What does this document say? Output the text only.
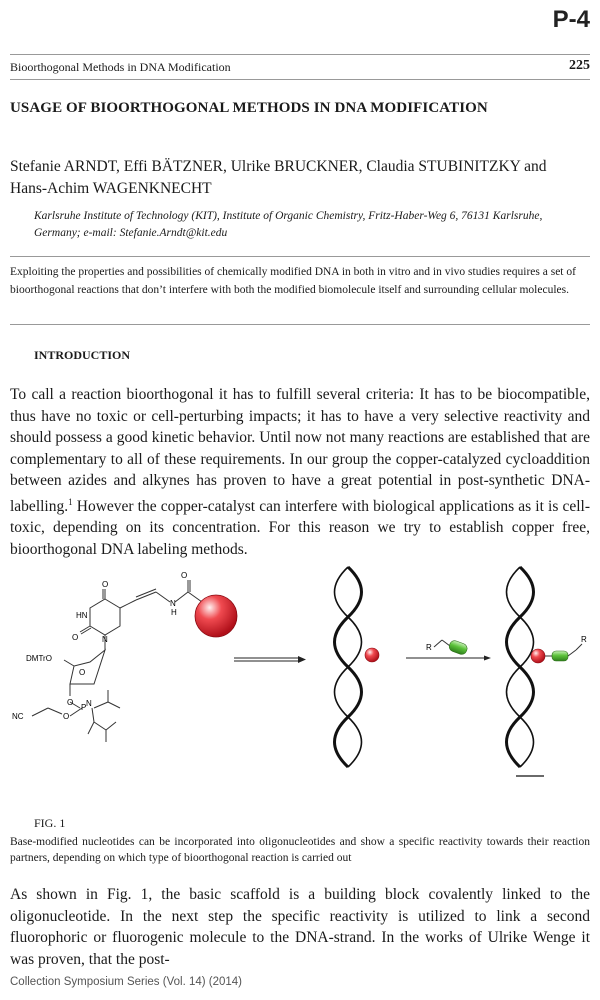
P-4
Bioorthogonal Methods in DNA Modification	225
USAGE OF BIOORTHOGONAL METHODS IN DNA MODIFICATION
Stefanie ARNDT, Effi BÄTZNER, Ulrike BRUCKNER, Claudia STUBINITZKY and Hans-Achim WAGENKNECHT
Karlsruhe Institute of Technology (KIT), Institute of Organic Chemistry, Fritz-Haber-Weg 6, 76131 Karlsruhe, Germany; e-mail: Stefanie.Arndt@kit.edu
Exploiting the properties and possibilities of chemically modified DNA in both in vitro and in vivo studies requires a set of bioorthogonal reactions that don’t interfere with both the modified biomolecule itself and surrounding cellular molecules.
INTRODUCTION
To call a reaction bioorthogonal it has to fulfill several criteria: It has to be biocompatible, thus have no toxic or cell-perturbing impacts; it has to have a very selective reactivity and should possess a good kinetic behavior. Until now not many reactions are established that are complementary to all of these requirements. In our group the copper-catalyzed cycloaddition between azides and alkynes has proven to have a great potential in post-synthetic DNA-labelling.$^1$ However the copper-catalyst can interfere with biological applications as it is cell-toxic, depending on its concentration. For this reason we try to establish copper free, bioorthogonal DNA labeling methods.
O
O
N
H
HN
O	N
DMTrO
O
O
P
O
N
NC
R
R
FIG. 1
Base-modified nucleotides can be incorporated into oligonucleotides and show a specific reactivity towards their reaction partners, depending on which type of bioorthogonal reaction is carried out
As shown in Fig. 1, the basic scaffold is a building block covalently linked to the oligonucleotide. In the next step the specific reactivity is utilized to link a second fluorophoric or fluorogenic molecule to the DNA-strand. In the works of Ulrike Wenge it was proven, that the post-
Collection Symposium Series (Vol. 14) (2014)
